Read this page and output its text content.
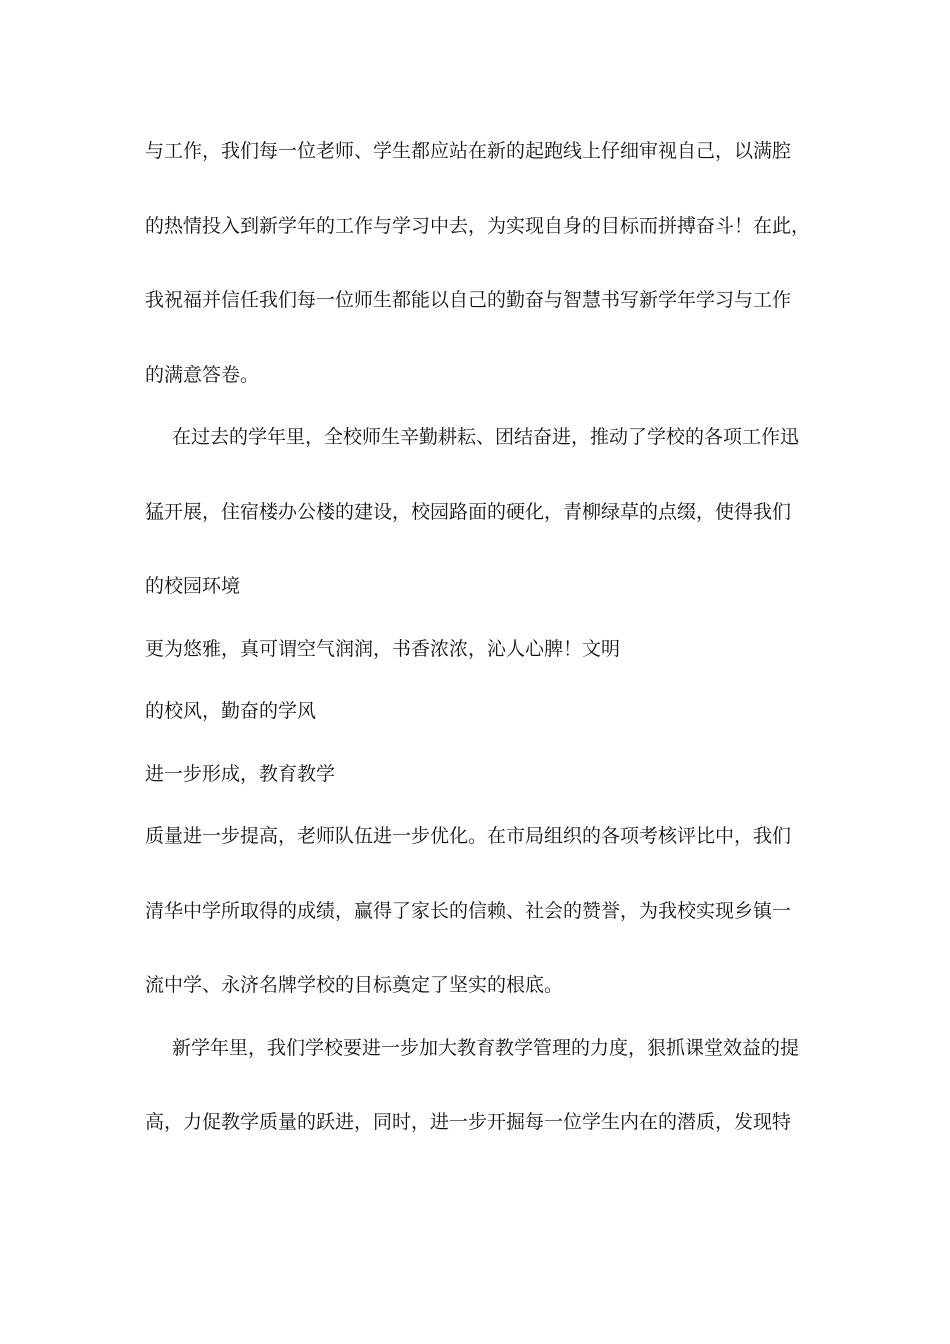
与工作，我们每一位老师、学生都应站在新的起跑线上仔细审视自己，以满腔
的热情投入到新学年的工作与学习中去，为实现自身的目标而拼搏奋斗！在此，
我祝福并信任我们每一位师生都能以自己的勤奋与智慧书写新学年学习与工作
的满意答卷。
在过去的学年里，全校师生辛勤耕耘、团结奋进，推动了学校的各项工作迅
猛开展，住宿楼办公楼的建设，校园路面的硬化，青柳绿草的点缀，使得我们
的校园环境
更为悠雅，真可谓空气润润，书香浓浓，沁人心脾！文明
的校风，勤奋的学风
进一步形成，教育教学
质量进一步提高，老师队伍进一步优化。在市局组织的各项考核评比中，我们
清华中学所取得的成绩，赢得了家长的信赖、社会的赞誉，为我校实现乡镇一
流中学、永济名牌学校的目标奠定了坚实的根底。
新学年里，我们学校要进一步加大教育教学管理的力度，狠抓课堂效益的提
高，力促教学质量的跃进，同时，进一步开掘每一位学生内在的潜质，发现特
